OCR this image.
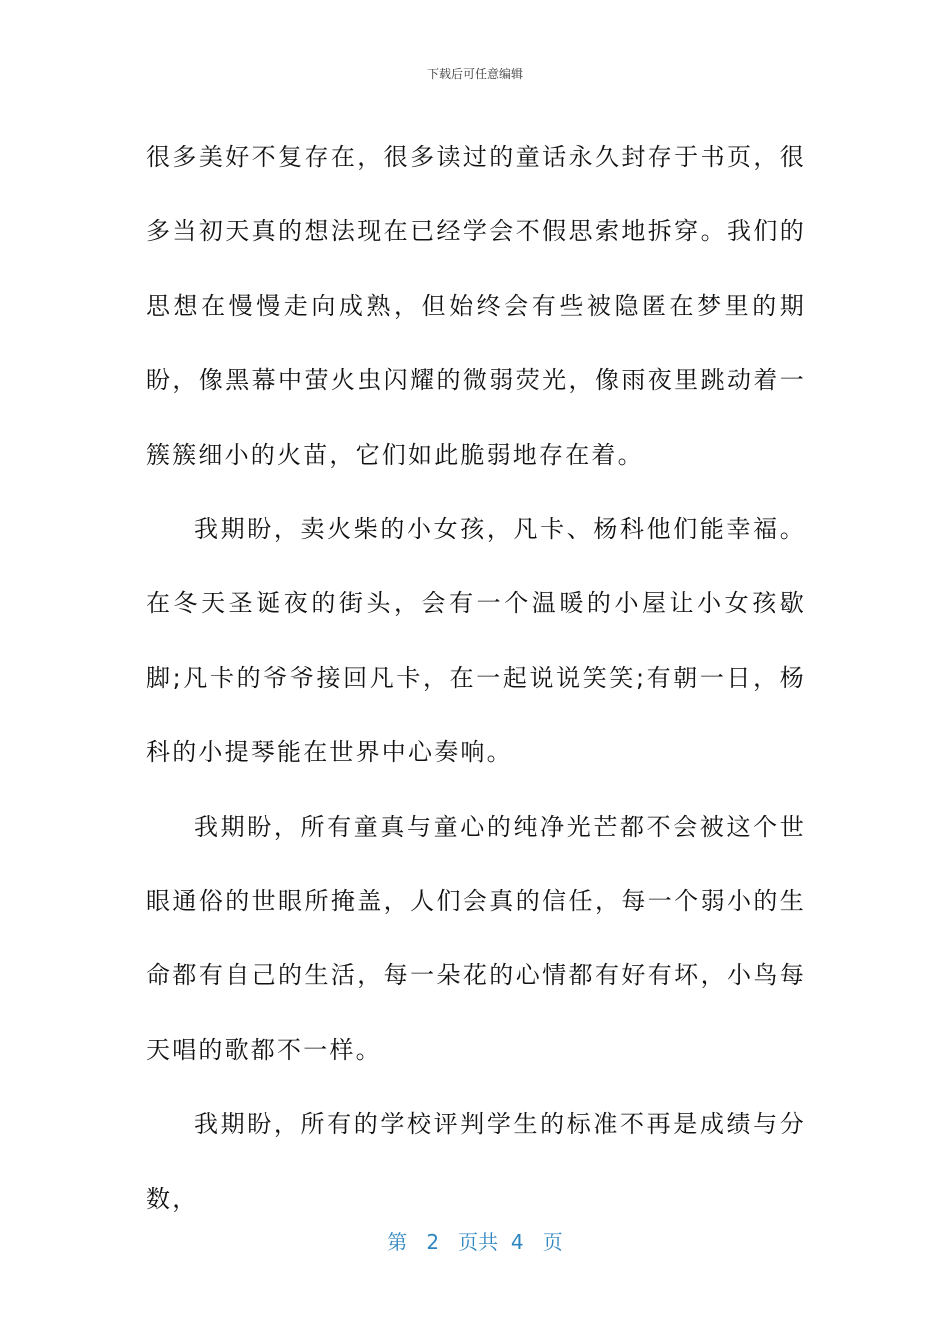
下载后可任意编辑

很多美好不复存在，很多读过的童话永久封存于书页，很多当初天真的想法现在已经学会不假思索地拆穿。我们的思想在慢慢走向成熟，但始终会有些被隐匿在梦里的期盼，像黑幕中萤火虫闪耀的微弱荧光，像雨夜里跳动着一簇簇细小的火苗，它们如此脆弱地存在着。

我期盼，卖火柴的小女孩，凡卡、杨科他们能幸福。在冬天圣诞夜的街头，会有一个温暖的小屋让小女孩歇脚;凡卡的爷爷接回凡卡，在一起说说笑笑;有朝一日，杨科的小提琴能在世界中心奏响。

我期盼，所有童真与童心的纯净光芒都不会被这个世眼通俗的世眼所掩盖，人们会真的信任，每一个弱小的生命都有自己的生活，每一朵花的心情都有好有坏，小鸟每天唱的歌都不一样。

我期盼，所有的学校评判学生的标准不再是成绩与分数，

第 2 页共 4 页
